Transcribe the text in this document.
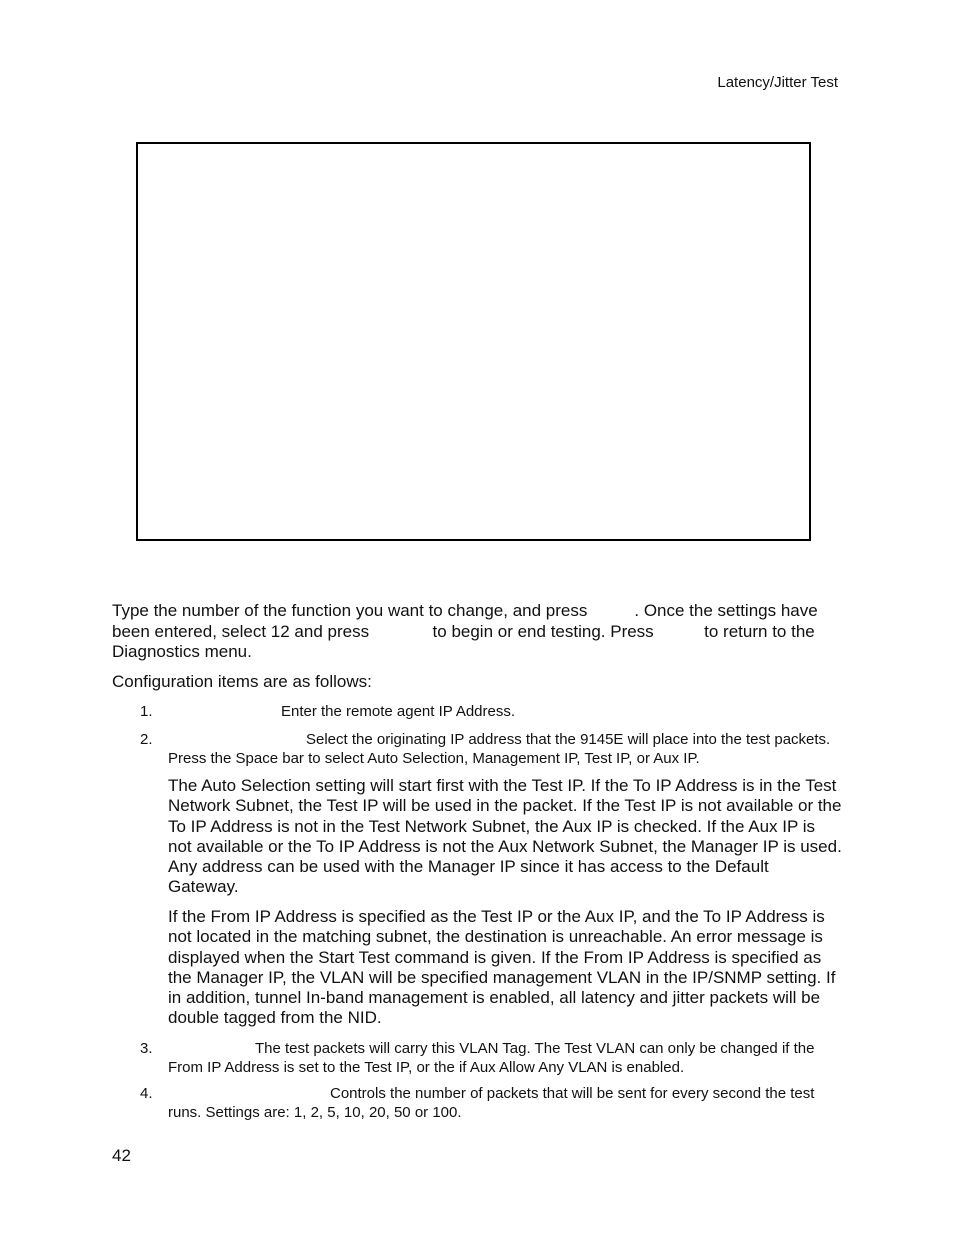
Latency/Jitter Test
Type the number of the function you want to change, and press	. Once the settings have been entered, select 12 and press	to begin or end testing. Press	to return to the Diagnostics menu.
Configuration items are as follows:
1.	Enter the remote agent IP Address.
2.	Select the originating IP address that the 9145E will place into the test packets. Press the Space bar to select Auto Selection, Management IP, Test IP, or Aux IP.
The Auto Selection setting will start first with the Test IP. If the To IP Address is in the Test Network Subnet, the Test IP will be used in the packet. If the Test IP is not available or the To IP Address is not in the Test Network Subnet, the Aux IP is checked. If the Aux IP is not available or the To IP Address is not the Aux Network Subnet, the Manager IP is used. Any address can be used with the Manager IP since it has access to the Default Gateway.
If the From IP Address is specified as the Test IP or the Aux IP, and the To IP Address is not located in the matching subnet, the destination is unreachable. An error message is displayed when the Start Test command is given. If the From IP Address is specified as the Manager IP, the VLAN will be specified management VLAN in the IP/SNMP setting. If in addition, tunnel In-band management is enabled, all latency and jitter packets will be double tagged from the NID.
3.	The test packets will carry this VLAN Tag. The Test VLAN can only be changed if the From IP Address is set to the Test IP, or the if Aux Allow Any VLAN is enabled.
4.	Controls the number of packets that will be sent for every second the test runs. Settings are: 1, 2, 5, 10, 20, 50 or 100.
42
